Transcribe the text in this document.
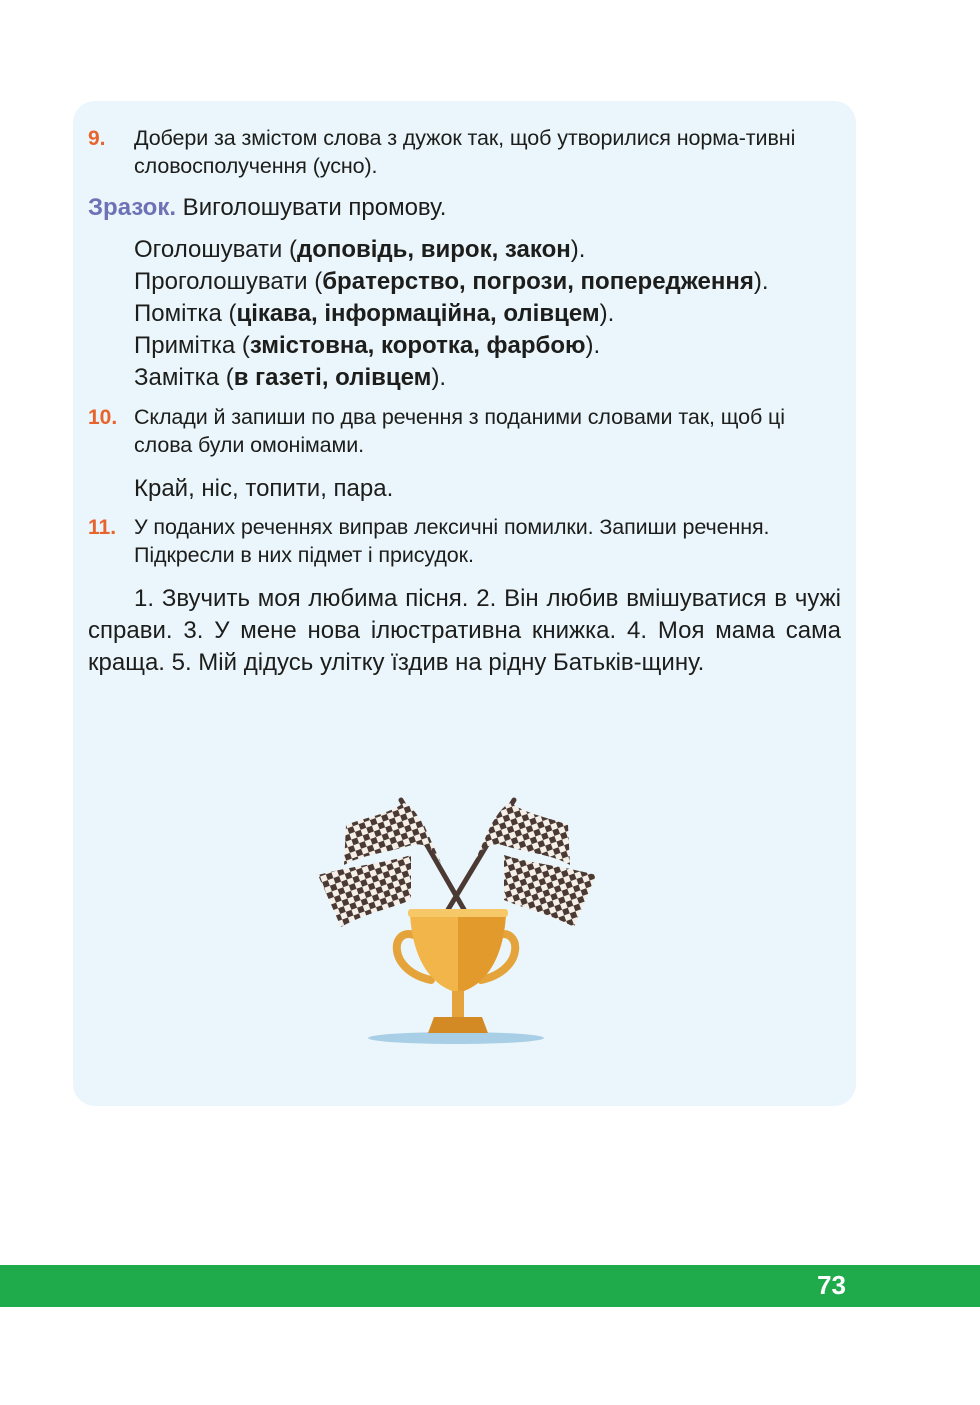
9. Добери за змістом слова з дужок так, щоб утворилися норма-тивні словосполучення (усно).
Зразок. Виголошувати промову.
Оголошувати (доповідь, вирок, закон).
Проголошувати (братерство, погрози, попередження).
Помітка (цікава, інформаційна, олівцем).
Примітка (змістовна, коротка, фарбою).
Замітка (в газеті, олівцем).
10. Склади й запиши по два речення з поданими словами так, щоб ці слова були омонімами.
Край, ніс, топити, пара.
11. У поданих реченнях виправ лексичні помилки. Запиши речення. Підкресли в них підмет і присудок.
1. Звучить моя любима пісня. 2. Він любив вмішуватися в чужі справи. 3. У мене нова ілюстративна книжка. 4. Моя мама сама краща. 5. Мій дідусь улітку їздив на рідну Батьків-щину.
73
